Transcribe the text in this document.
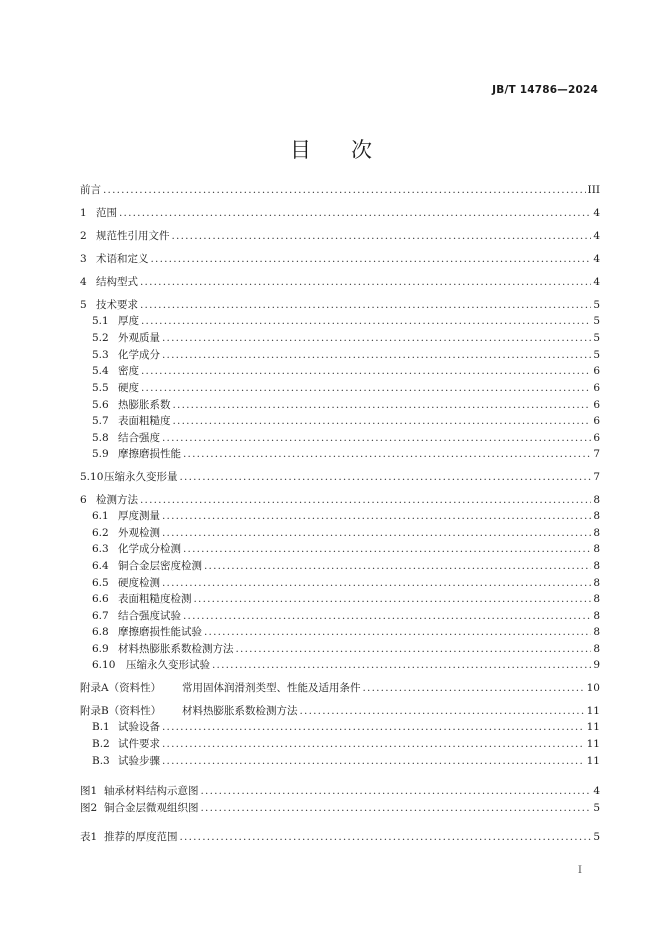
JB/T 14786—2024
目 次
前言 .....	III
1 范围 .....	4
2 规范性引用文件 .....	4
3 术语和定义 .....	4
4 结构型式 .....	4
5 技术要求 .....	5
5.1 厚度 .....	5
5.2 外观质量 .....	5
5.3 化学成分 .....	5
5.4 密度 .....	6
5.5 硬度 .....	6
5.6 热膨胀系数 .....	6
5.7 表面粗糙度 .....	6
5.8 结合强度 .....	6
5.9 摩擦磨损性能 .....	7
5.10 压缩永久变形量 .....	7
6 检测方法 .....	8
6.1 厚度测量 .....	8
6.2 外观检测 .....	8
6.3 化学成分检测 .....	8
6.4 铜合金层密度检测 .....	8
6.5 硬度检测 .....	8
6.6 表面粗糙度检测 .....	8
6.7 结合强度试验 .....	8
6.8 摩擦磨损性能试验 .....	8
6.9 材料热膨胀系数检测方法 .....	8
6.10	压缩永久变形试验 .....	9
附录A（资料性）	常用固体润滑剂类型、性能及适用条件 .....	10
附录B（资料性）	材料热膨胀系数检测方法 .....	11
B.1 试验设备 .....	11
B.2 试件要求 .....	11
B.3 试验步骤 .....	11
图1 轴承材料结构示意图 .....	4
图2 铜合金层微观组织图 .....	5
表1 推荐的厚度范围 .....	5
I
